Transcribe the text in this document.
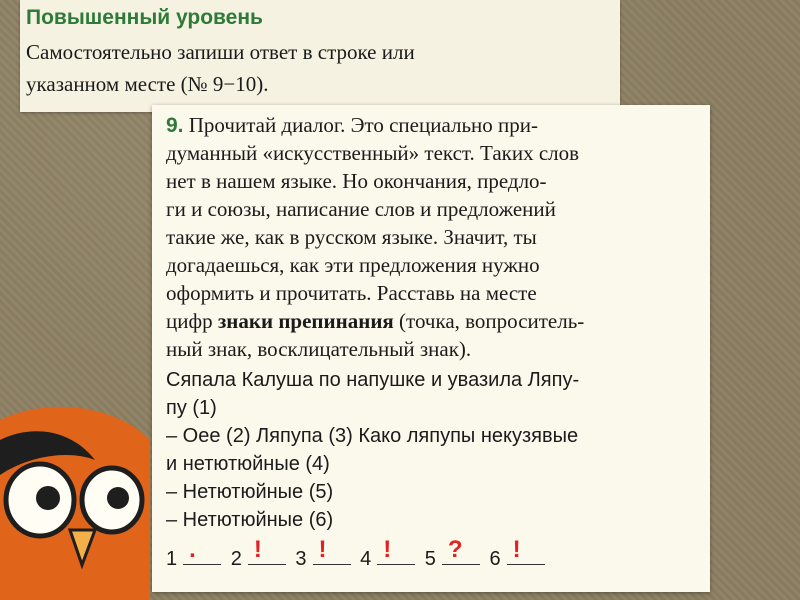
Повышенный уровень
Самостоятельно запиши ответ в строке или
указанном месте (№ 9−10).
9. Прочитай диалог. Это специально при-
думанный «искусственный» текст. Таких слов
нет в нашем языке. Но окончания, предло-
ги и союзы, написание слов и предложений
такие же, как в русском языке. Значит, ты
догадаешься, как эти предложения нужно
оформить и прочитать. Расставь на месте
цифр знаки препинания (точка, вопроситель-
ный знак, восклицательный знак).
Сяпала Калуша по напушке и увазила Ляпу-
пу (1)
– Оее (2) Ляпупа (3) Како ляпупы некузявые
и нетютюйные (4)
– Нетютюйные (5)
– Нетютюйные (6)
1 . 2 ! 3 ! 4 ! 5 ? 6 !
